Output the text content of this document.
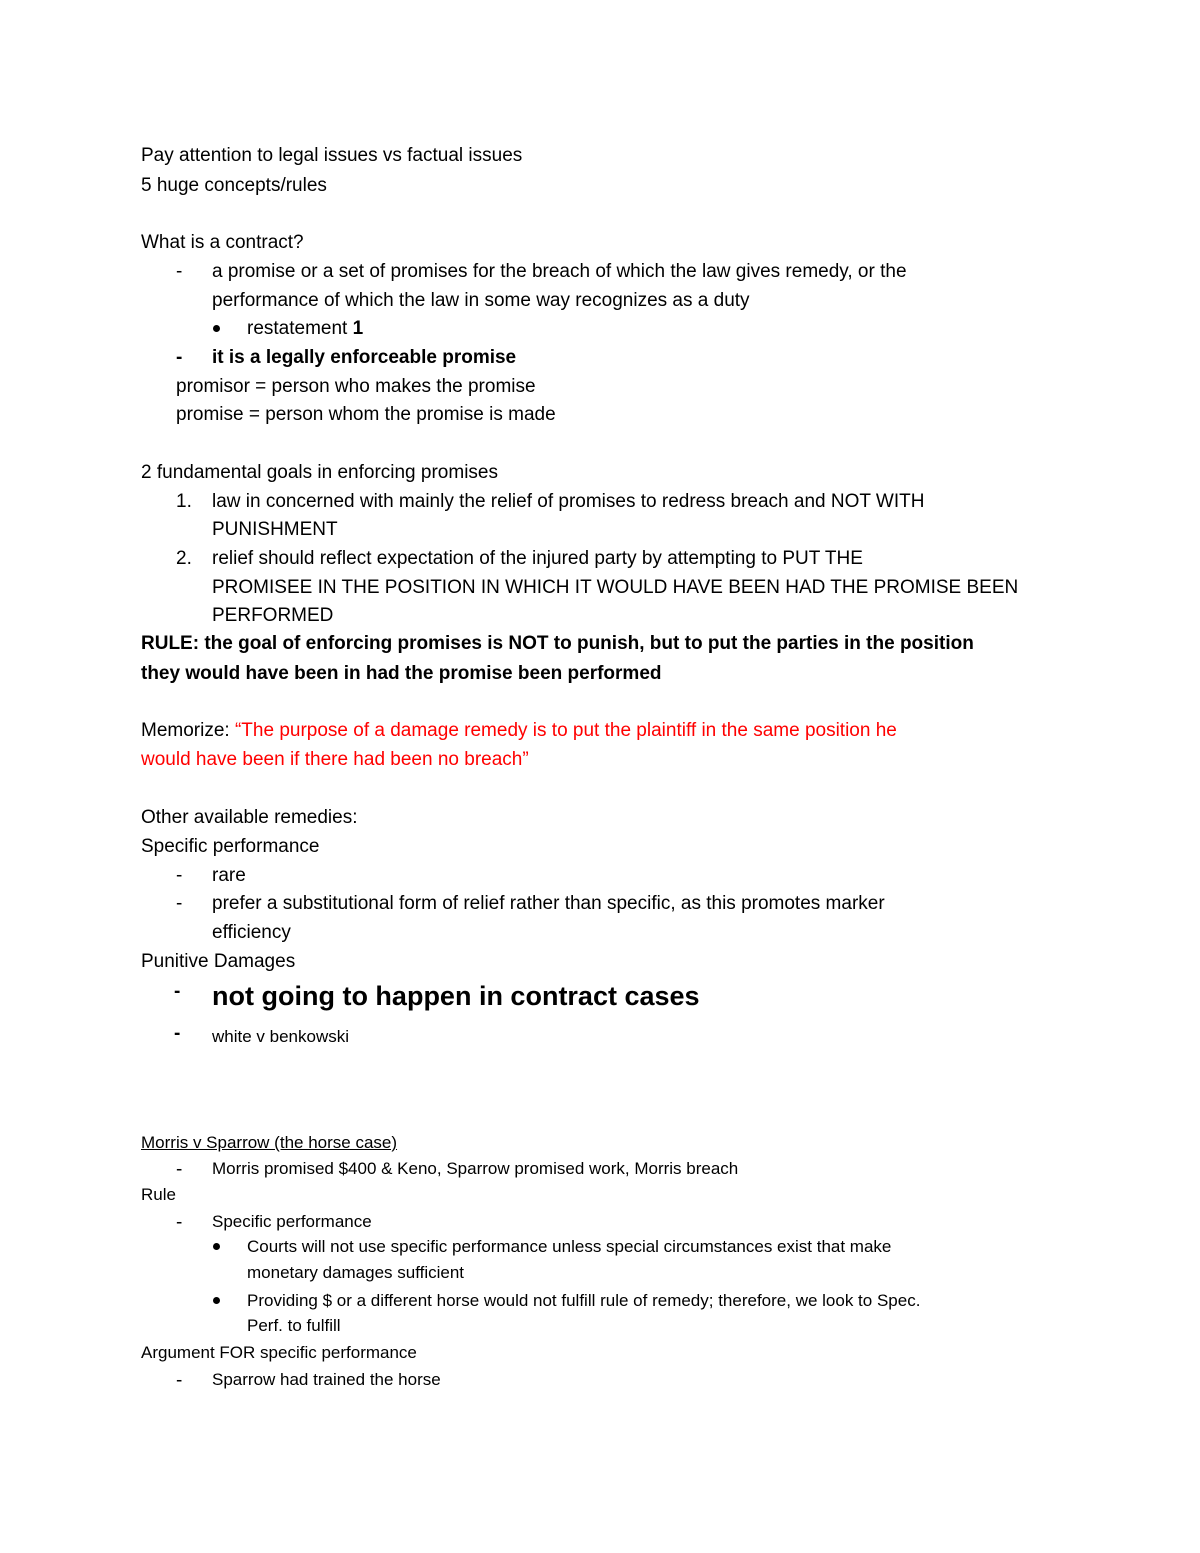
Pay attention to legal issues vs factual issues
5 huge concepts/rules
What is a contract?
- a promise or a set of promises for the breach of which the law gives remedy, or the
performance of which the law in some way recognizes as a duty
restatement 1
- it is a legally enforceable promise
promisor = person who makes the promise
promise = person whom the promise is made
2 fundamental goals in enforcing promises
1. law in concerned with mainly the relief of promises to redress breach and NOT WITH
PUNISHMENT
2. relief should reflect expectation of the injured party by attempting to PUT THE
PROMISEE IN THE POSITION IN WHICH IT WOULD HAVE BEEN HAD THE PROMISE BEEN
PERFORMED
RULE: the goal of enforcing promises is NOT to punish, but to put the parties in the position
they would have been in had the promise been performed
Memorize: “The purpose of a damage remedy is to put the plaintiff in the same position he
would have been if there had been no breach”
Other available remedies:
Specific performance
- rare
- prefer a substitutional form of relief rather than specific, as this promotes marker
efficiency
Punitive Damages
- not going to happen in contract cases
- white v benkowski
Morris v Sparrow (the horse case)
- Morris promised $400 & Keno, Sparrow promised work, Morris breach
Rule
- Specific performance
Courts will not use specific performance unless special circumstances exist that make
monetary damages sufficient
Providing $ or a different horse would not fulfill rule of remedy; therefore, we look to Spec.
Perf. to fulfill
Argument FOR specific performance
- Sparrow had trained the horse
